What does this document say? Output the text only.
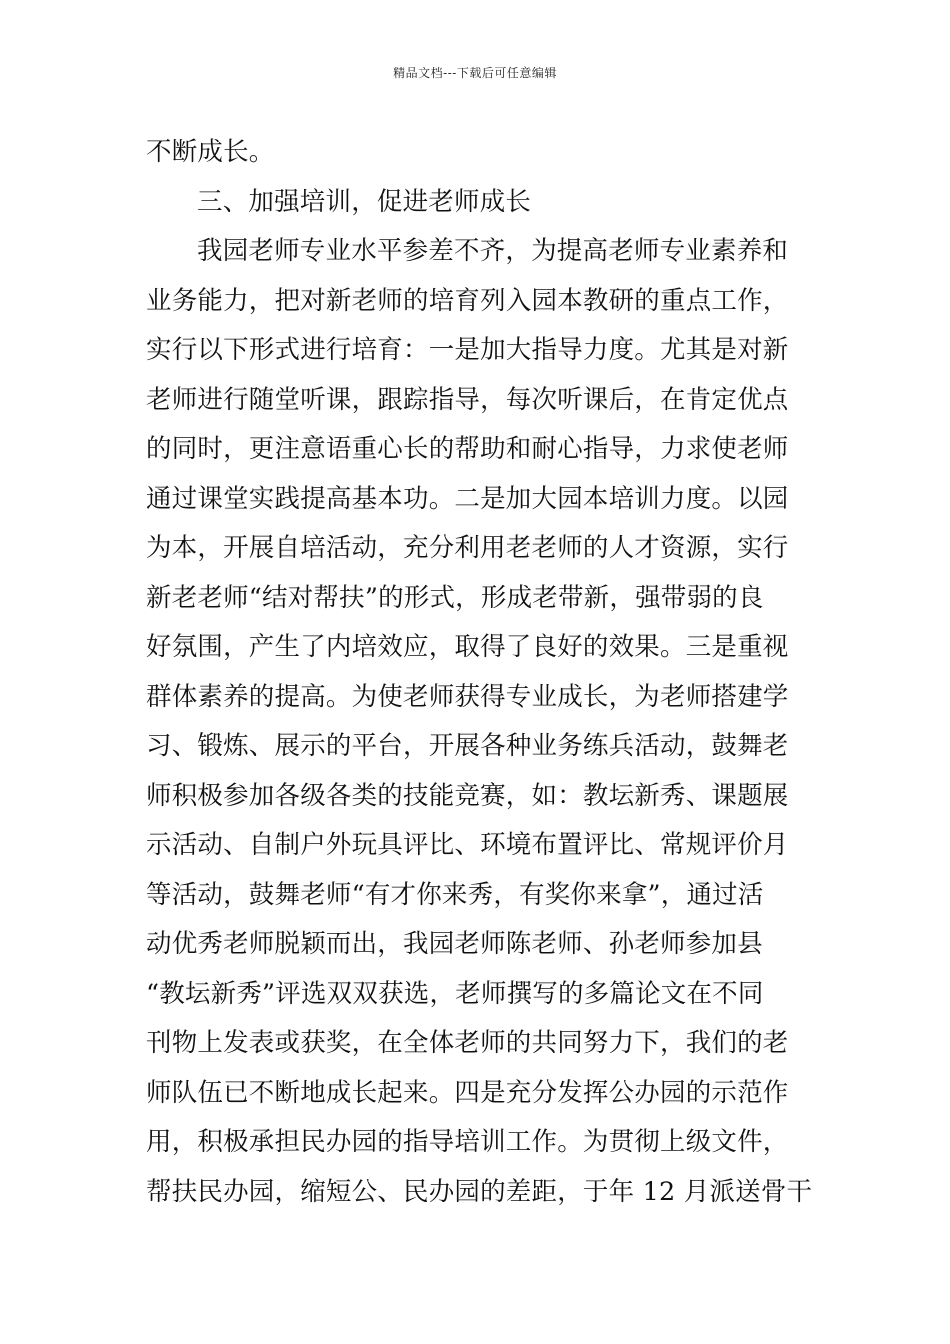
精品文档---下载后可任意编辑
不断成长。
三、加强培训，促进老师成长
我园老师专业水平参差不齐，为提高老师专业素养和
业务能力，把对新老师的培育列入园本教研的重点工作，
实行以下形式进行培育：一是加大指导力度。尤其是对新
老师进行随堂听课，跟踪指导，每次听课后，在肯定优点
的同时，更注意语重心长的帮助和耐心指导，力求使老师
通过课堂实践提高基本功。二是加大园本培训力度。以园
为本，开展自培活动，充分利用老老师的人才资源，实行
新老老师“结对帮扶”的形式，形成老带新，强带弱的良
好氛围，产生了内培效应，取得了良好的效果。三是重视
群体素养的提高。为使老师获得专业成长，为老师搭建学
习、锻炼、展示的平台，开展各种业务练兵活动，鼓舞老
师积极参加各级各类的技能竞赛，如：教坛新秀、课题展
示活动、自制户外玩具评比、环境布置评比、常规评价月
等活动，鼓舞老师“有才你来秀，有奖你来拿”，通过活
动优秀老师脱颖而出，我园老师陈老师、孙老师参加县
“教坛新秀”评选双双获选，老师撰写的多篇论文在不同
刊物上发表或获奖，在全体老师的共同努力下，我们的老
师队伍已不断地成长起来。四是充分发挥公办园的示范作
用，积极承担民办园的指导培训工作。为贯彻上级文件，
帮扶民办园，缩短公、民办园的差距，于年 12 月派送骨干
